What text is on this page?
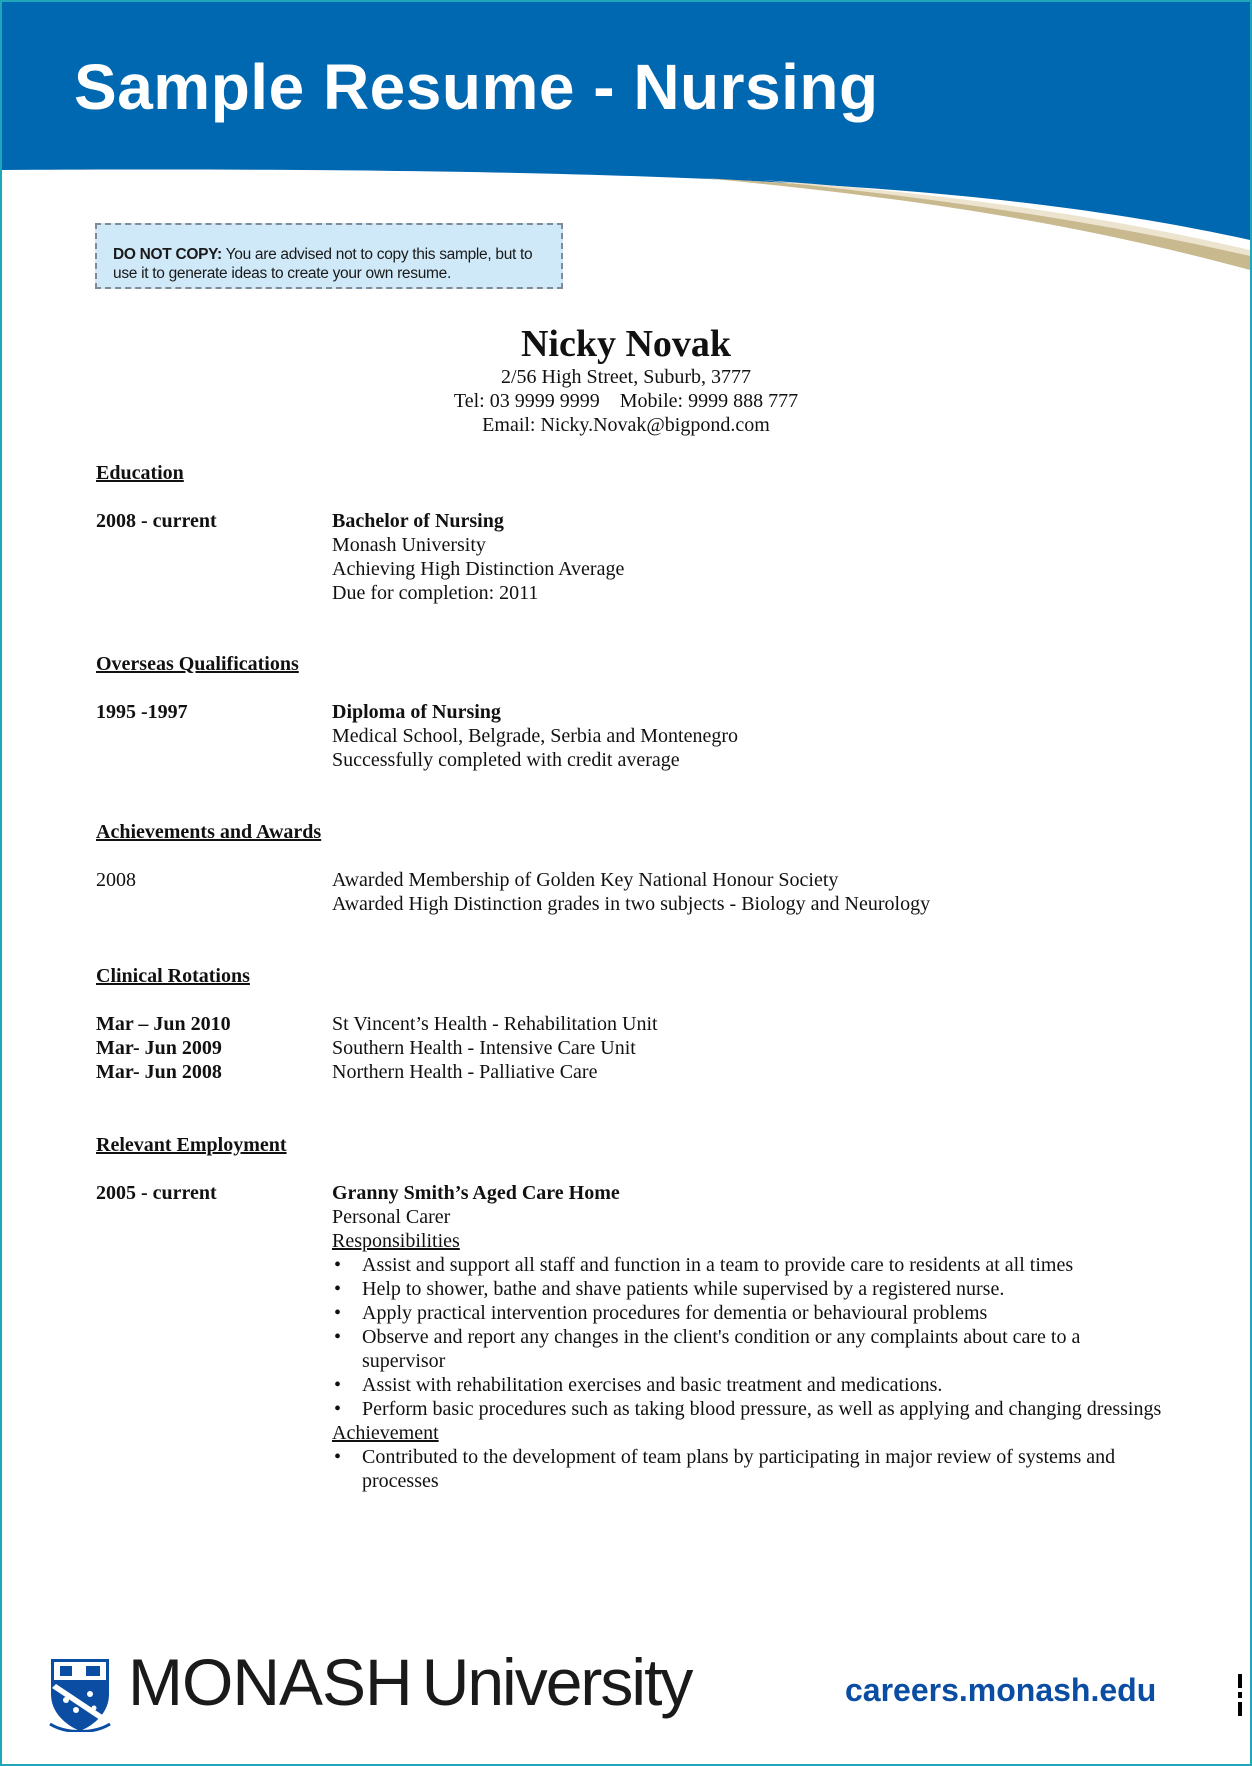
Sample Resume - Nursing
DO NOT COPY: You are advised not to copy this sample, but to use it to generate ideas to create your own resume.
Nicky Novak
2/56 High Street, Suburb, 3777
Tel: 03 9999 9999    Mobile: 9999 888 777
Email: Nicky.Novak@bigpond.com
Education
2008 - current	Bachelor of Nursing
Monash University
Achieving High Distinction Average
Due for completion: 2011
Overseas Qualifications
1995 -1997	Diploma of Nursing
Medical School, Belgrade, Serbia and Montenegro
Successfully completed with credit average
Achievements and Awards
2008	Awarded Membership of Golden Key National Honour Society
Awarded High Distinction grades in two subjects - Biology and Neurology
Clinical Rotations
Mar – Jun 2010	St Vincent’s Health - Rehabilitation Unit
Mar- Jun 2009	Southern Health - Intensive Care Unit
Mar- Jun 2008	Northern Health - Palliative Care
Relevant Employment
2005 - current	Granny Smith’s Aged Care Home
Personal Carer
Responsibilities
• Assist and support all staff and function in a team to provide care to residents at all times
• Help to shower, bathe and shave patients while supervised by a registered nurse.
• Apply practical intervention procedures for dementia or behavioural problems
• Observe and report any changes in the client's condition or any complaints about care to a supervisor
• Assist with rehabilitation exercises and basic treatment and medications.
• Perform basic procedures such as taking blood pressure, as well as applying and changing dressings
Achievement
• Contributed to the development of team plans by participating in major review of systems and processes
MONASH University	careers.monash.edu
